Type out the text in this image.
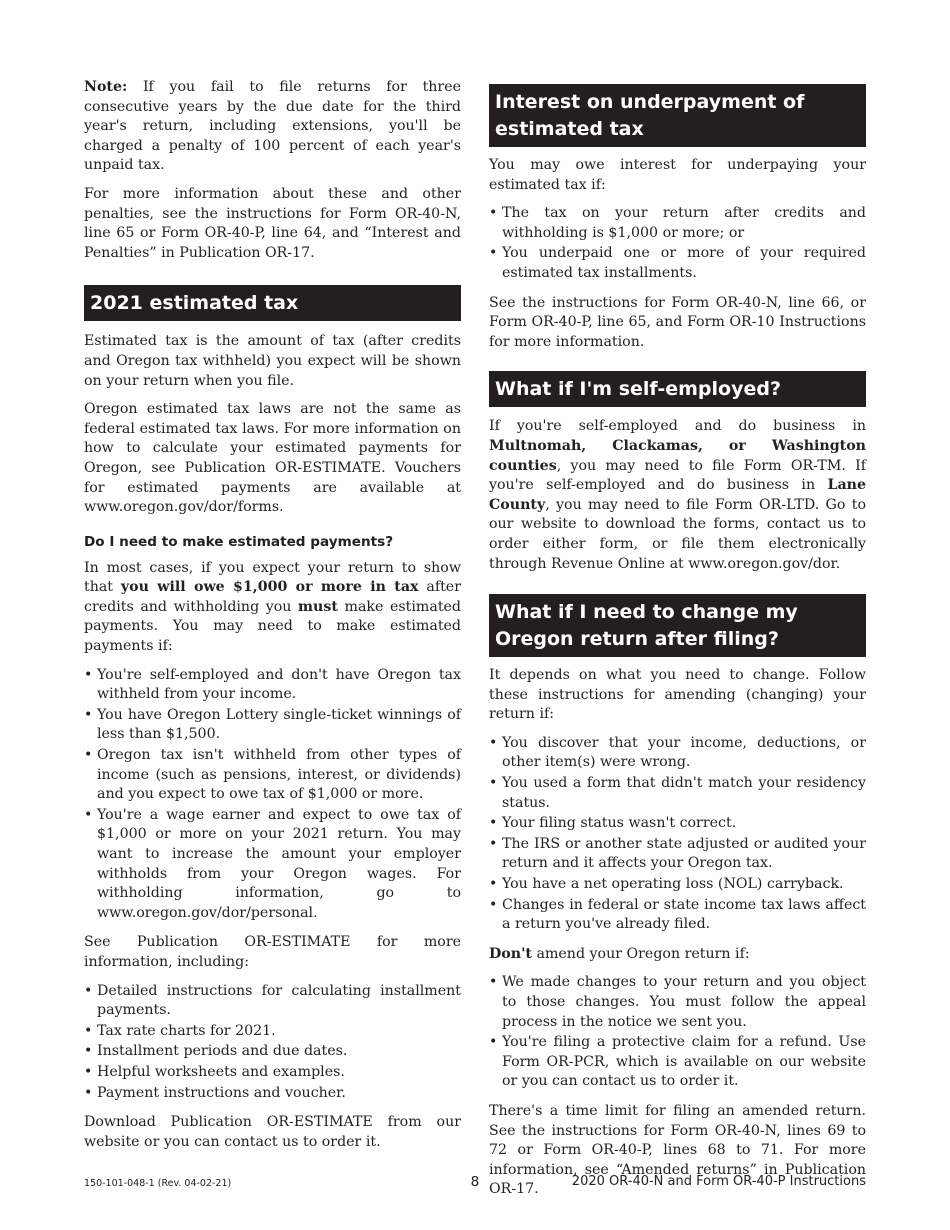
Note: If you fail to file returns for three consecutive years by the due date for the third year's return, including extensions, you'll be charged a penalty of 100 percent of each year's unpaid tax.

For more information about these and other penalties, see the instructions for Form OR-40-N, line 65 or Form OR-40-P, line 64, and “Interest and Penalties” in Publication OR-17.

2021 estimated tax

Estimated tax is the amount of tax (after credits and Oregon tax withheld) you expect will be shown on your return when you file.

Oregon estimated tax laws are not the same as federal estimated tax laws. For more information on how to calculate your estimated payments for Oregon, see Publication OR-ESTIMATE. Vouchers for estimated payments are available at www.oregon.gov/dor/forms.

Do I need to make estimated payments?

In most cases, if you expect your return to show that you will owe $1,000 or more in tax after credits and withholding you must make estimated payments. You may need to make estimated payments if:

• You're self-employed and don't have Oregon tax withheld from your income.
• You have Oregon Lottery single-ticket winnings of less than $1,500.
• Oregon tax isn't withheld from other types of income (such as pensions, interest, or dividends) and you expect to owe tax of $1,000 or more.
• You're a wage earner and expect to owe tax of $1,000 or more on your 2021 return. You may want to increase the amount your employer withholds from your Oregon wages. For withholding information, go to www.oregon.gov/dor/personal.

See Publication OR-ESTIMATE for more information, including:

• Detailed instructions for calculating installment payments.
• Tax rate charts for 2021.
• Installment periods and due dates.
• Helpful worksheets and examples.
• Payment instructions and voucher.

Download Publication OR-ESTIMATE from our website or you can contact us to order it.

Interest on underpayment of estimated tax

You may owe interest for underpaying your estimated tax if:

• The tax on your return after credits and withholding is $1,000 or more; or
• You underpaid one or more of your required estimated tax installments.

See the instructions for Form OR-40-N, line 66, or Form OR-40-P, line 65, and Form OR-10 Instructions for more information.

What if I'm self-employed?

If you're self-employed and do business in Multnomah, Clackamas, or Washington counties, you may need to file Form OR-TM. If you're self-employed and do business in Lane County, you may need to file Form OR-LTD. Go to our website to download the forms, contact us to order either form, or file them electronically through Revenue Online at www.oregon.gov/dor.

What if I need to change my Oregon return after filing?

It depends on what you need to change. Follow these instructions for amending (changing) your return if:

• You discover that your income, deductions, or other item(s) were wrong.
• You used a form that didn't match your residency status.
• Your filing status wasn't correct.
• The IRS or another state adjusted or audited your return and it affects your Oregon tax.
• You have a net operating loss (NOL) carryback.
• Changes in federal or state income tax laws affect a return you've already filed.

Don't amend your Oregon return if:

• We made changes to your return and you object to those changes. You must follow the appeal process in the notice we sent you.
• You're filing a protective claim for a refund. Use Form OR-PCR, which is available on our website or you can contact us to order it.

There's a time limit for filing an amended return. See the instructions for Form OR-40-N, lines 69 to 72 or Form OR-40-P, lines 68 to 71. For more information, see “Amended returns” in Publication OR-17.

150-101-048-1 (Rev. 04-02-21)	8	2020 OR-40-N and Form OR-40-P Instructions
